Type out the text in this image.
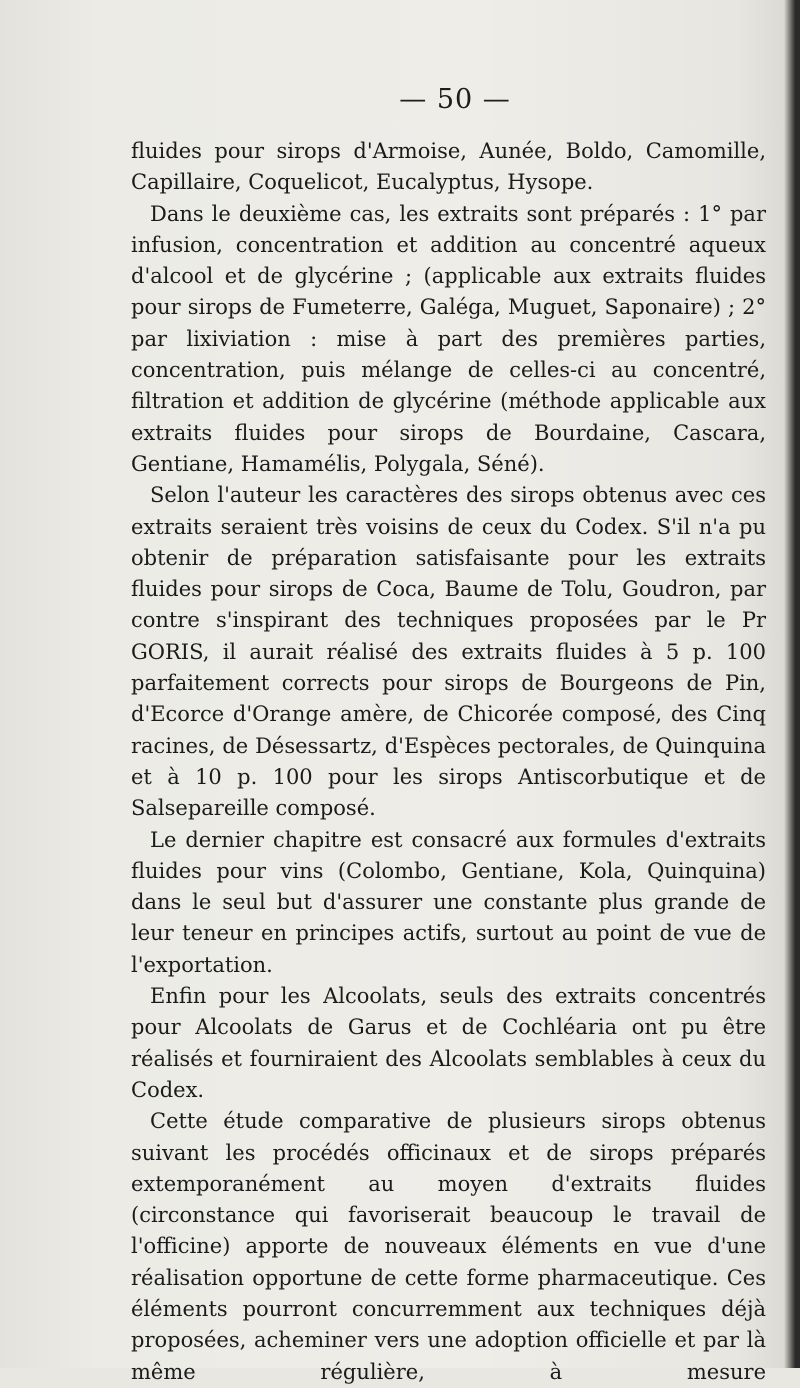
— 50 —

fluides pour sirops d'Armoise, Aunée, Boldo, Camomille, Capillaire, Coquelicot, Eucalyptus, Hysope.

Dans le deuxième cas, les extraits sont préparés : 1° par infusion, concentration et addition au concentré aqueux d'alcool et de glycérine ; (applicable aux extraits fluides pour sirops de Fumeterre, Galéga, Muguet, Saponaire) ; 2° par lixiviation : mise à part des premières parties, concentration, puis mélange de celles-ci au concentré, filtration et addition de glycérine (méthode applicable aux extraits fluides pour sirops de Bourdaine, Cascara, Gentiane, Hamamélis, Polygala, Séné).

Selon l'auteur les caractères des sirops obtenus avec ces extraits seraient très voisins de ceux du Codex. S'il n'a pu obtenir de préparation satisfaisante pour les extraits fluides pour sirops de Coca, Baume de Tolu, Goudron, par contre s'inspirant des techniques proposées par le Pr GORIS, il aurait réalisé des extraits fluides à 5 p. 100 parfaitement corrects pour sirops de Bourgeons de Pin, d'Ecorce d'Orange amère, de Chicorée composé, des Cinq racines, de Désessartz, d'Espèces pectorales, de Quinquina et à 10 p. 100 pour les sirops Antiscorbutique et de Salsepareille composé.

Le dernier chapitre est consacré aux formules d'extraits fluides pour vins (Colombo, Gentiane, Kola, Quinquina) dans le seul but d'assurer une constante plus grande de leur teneur en principes actifs, surtout au point de vue de l'exportation.

Enfin pour les Alcoolats, seuls des extraits concentrés pour Alcoolats de Garus et de Cochléaria ont pu être réalisés et fourniraient des Alcoolats semblables à ceux du Codex.

Cette étude comparative de plusieurs sirops obtenus suivant les procédés officinaux et de sirops préparés extemporanément au moyen d'extraits fluides (circonstance qui favoriserait beaucoup le travail de l'officine) apporte de nouveaux éléments en vue d'une réalisation opportune de cette forme pharmaceutique. Ces éléments pourront concurremment aux techniques déjà proposées, acheminer vers une adoption officielle et par là même régulière, à mesure
